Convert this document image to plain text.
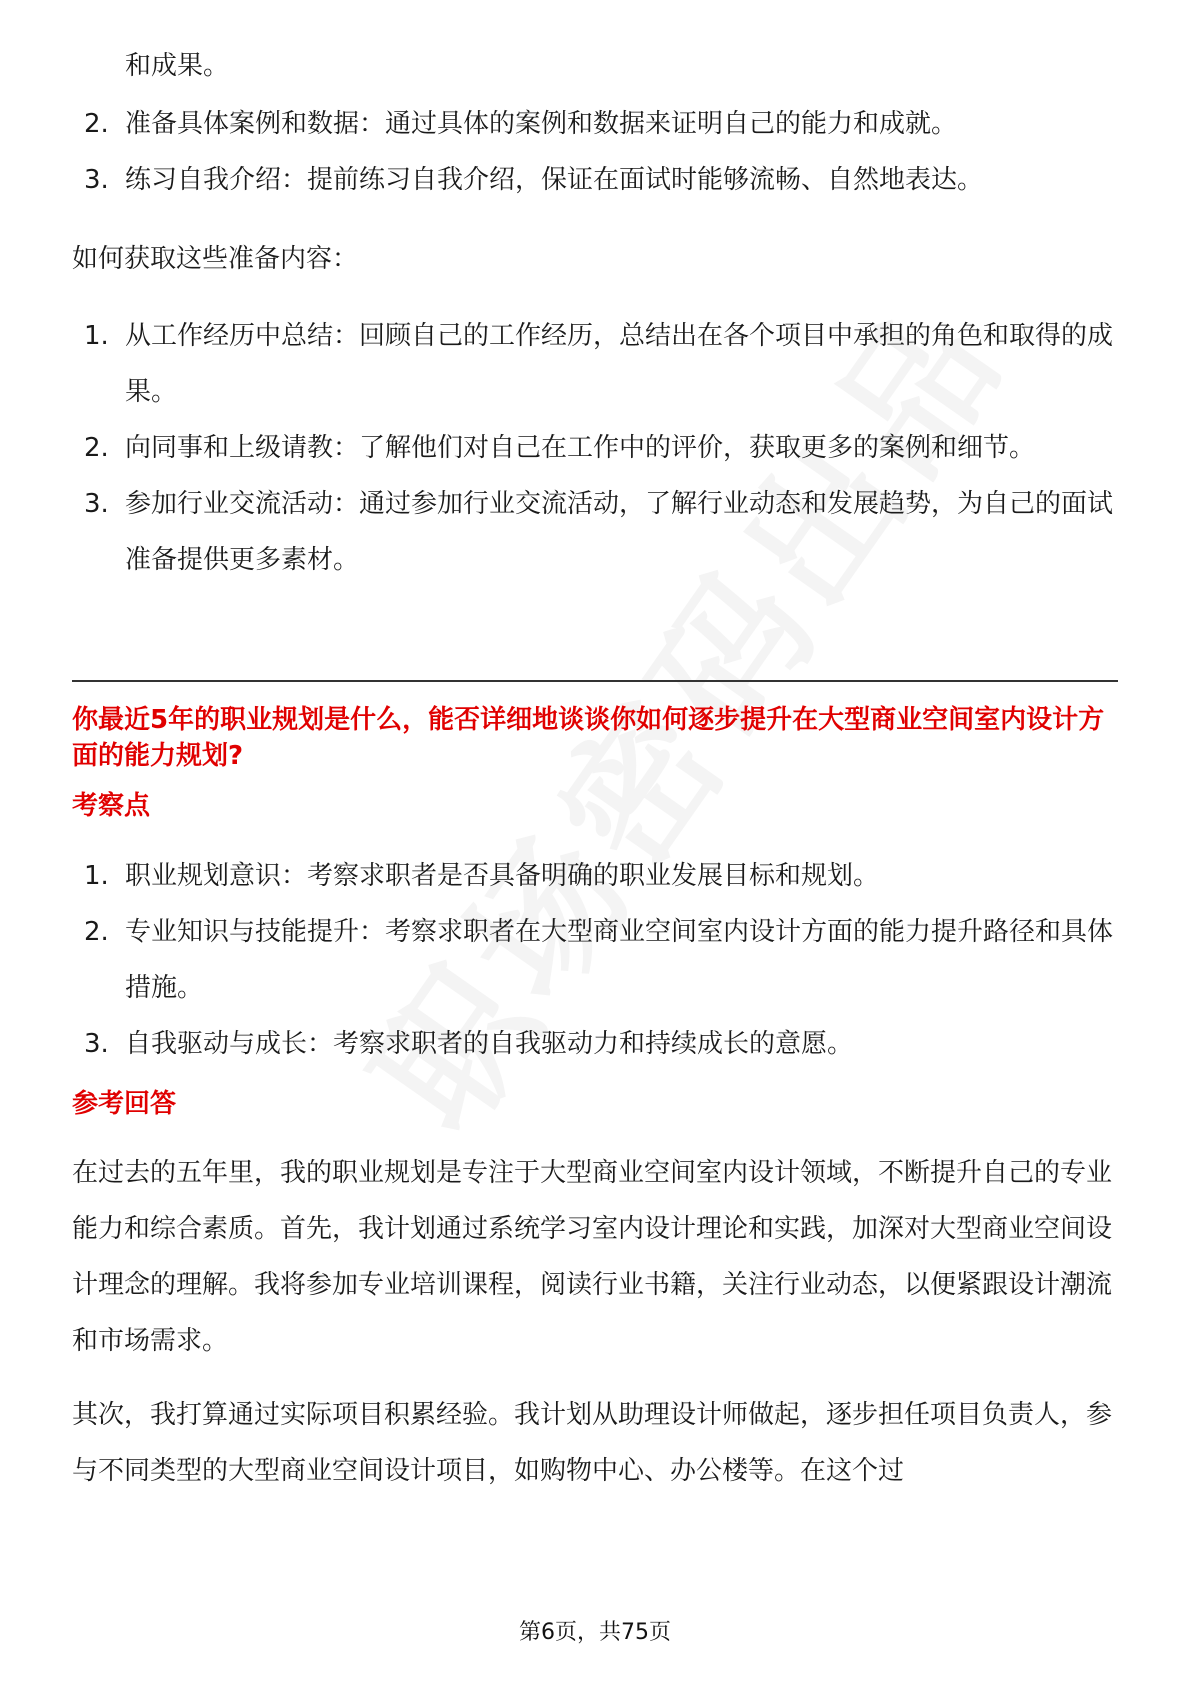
和成果。
2. 准备具体案例和数据：通过具体的案例和数据来证明自己的能力和成就。
3. 练习自我介绍：提前练习自我介绍，保证在面试时能够流畅、自然地表达。
如何获取这些准备内容：
1. 从工作经历中总结：回顾自己的工作经历，总结出在各个项目中承担的角色和取得的成果。
2. 向同事和上级请教：了解他们对自己在工作中的评价，获取更多的案例和细节。
3. 参加行业交流活动：通过参加行业交流活动，了解行业动态和发展趋势，为自己的面试准备提供更多素材。
你最近5年的职业规划是什么，能否详细地谈谈你如何逐步提升在大型商业空间室内设计方面的能力规划?
考察点
1. 职业规划意识：考察求职者是否具备明确的职业发展目标和规划。
2. 专业知识与技能提升：考察求职者在大型商业空间室内设计方面的能力提升路径和具体措施。
3. 自我驱动与成长：考察求职者的自我驱动力和持续成长的意愿。
参考回答
在过去的五年里，我的职业规划是专注于大型商业空间室内设计领域，不断提升自己的专业能力和综合素质。首先，我计划通过系统学习室内设计理论和实践，加深对大型商业空间设计理念的理解。我将参加专业培训课程，阅读行业书籍，关注行业动态，以便紧跟设计潮流和市场需求。
其次，我打算通过实际项目积累经验。我计划从助理设计师做起，逐步担任项目负责人，参与不同类型的大型商业空间设计项目，如购物中心、办公楼等。在这个过
第6页，共75页
